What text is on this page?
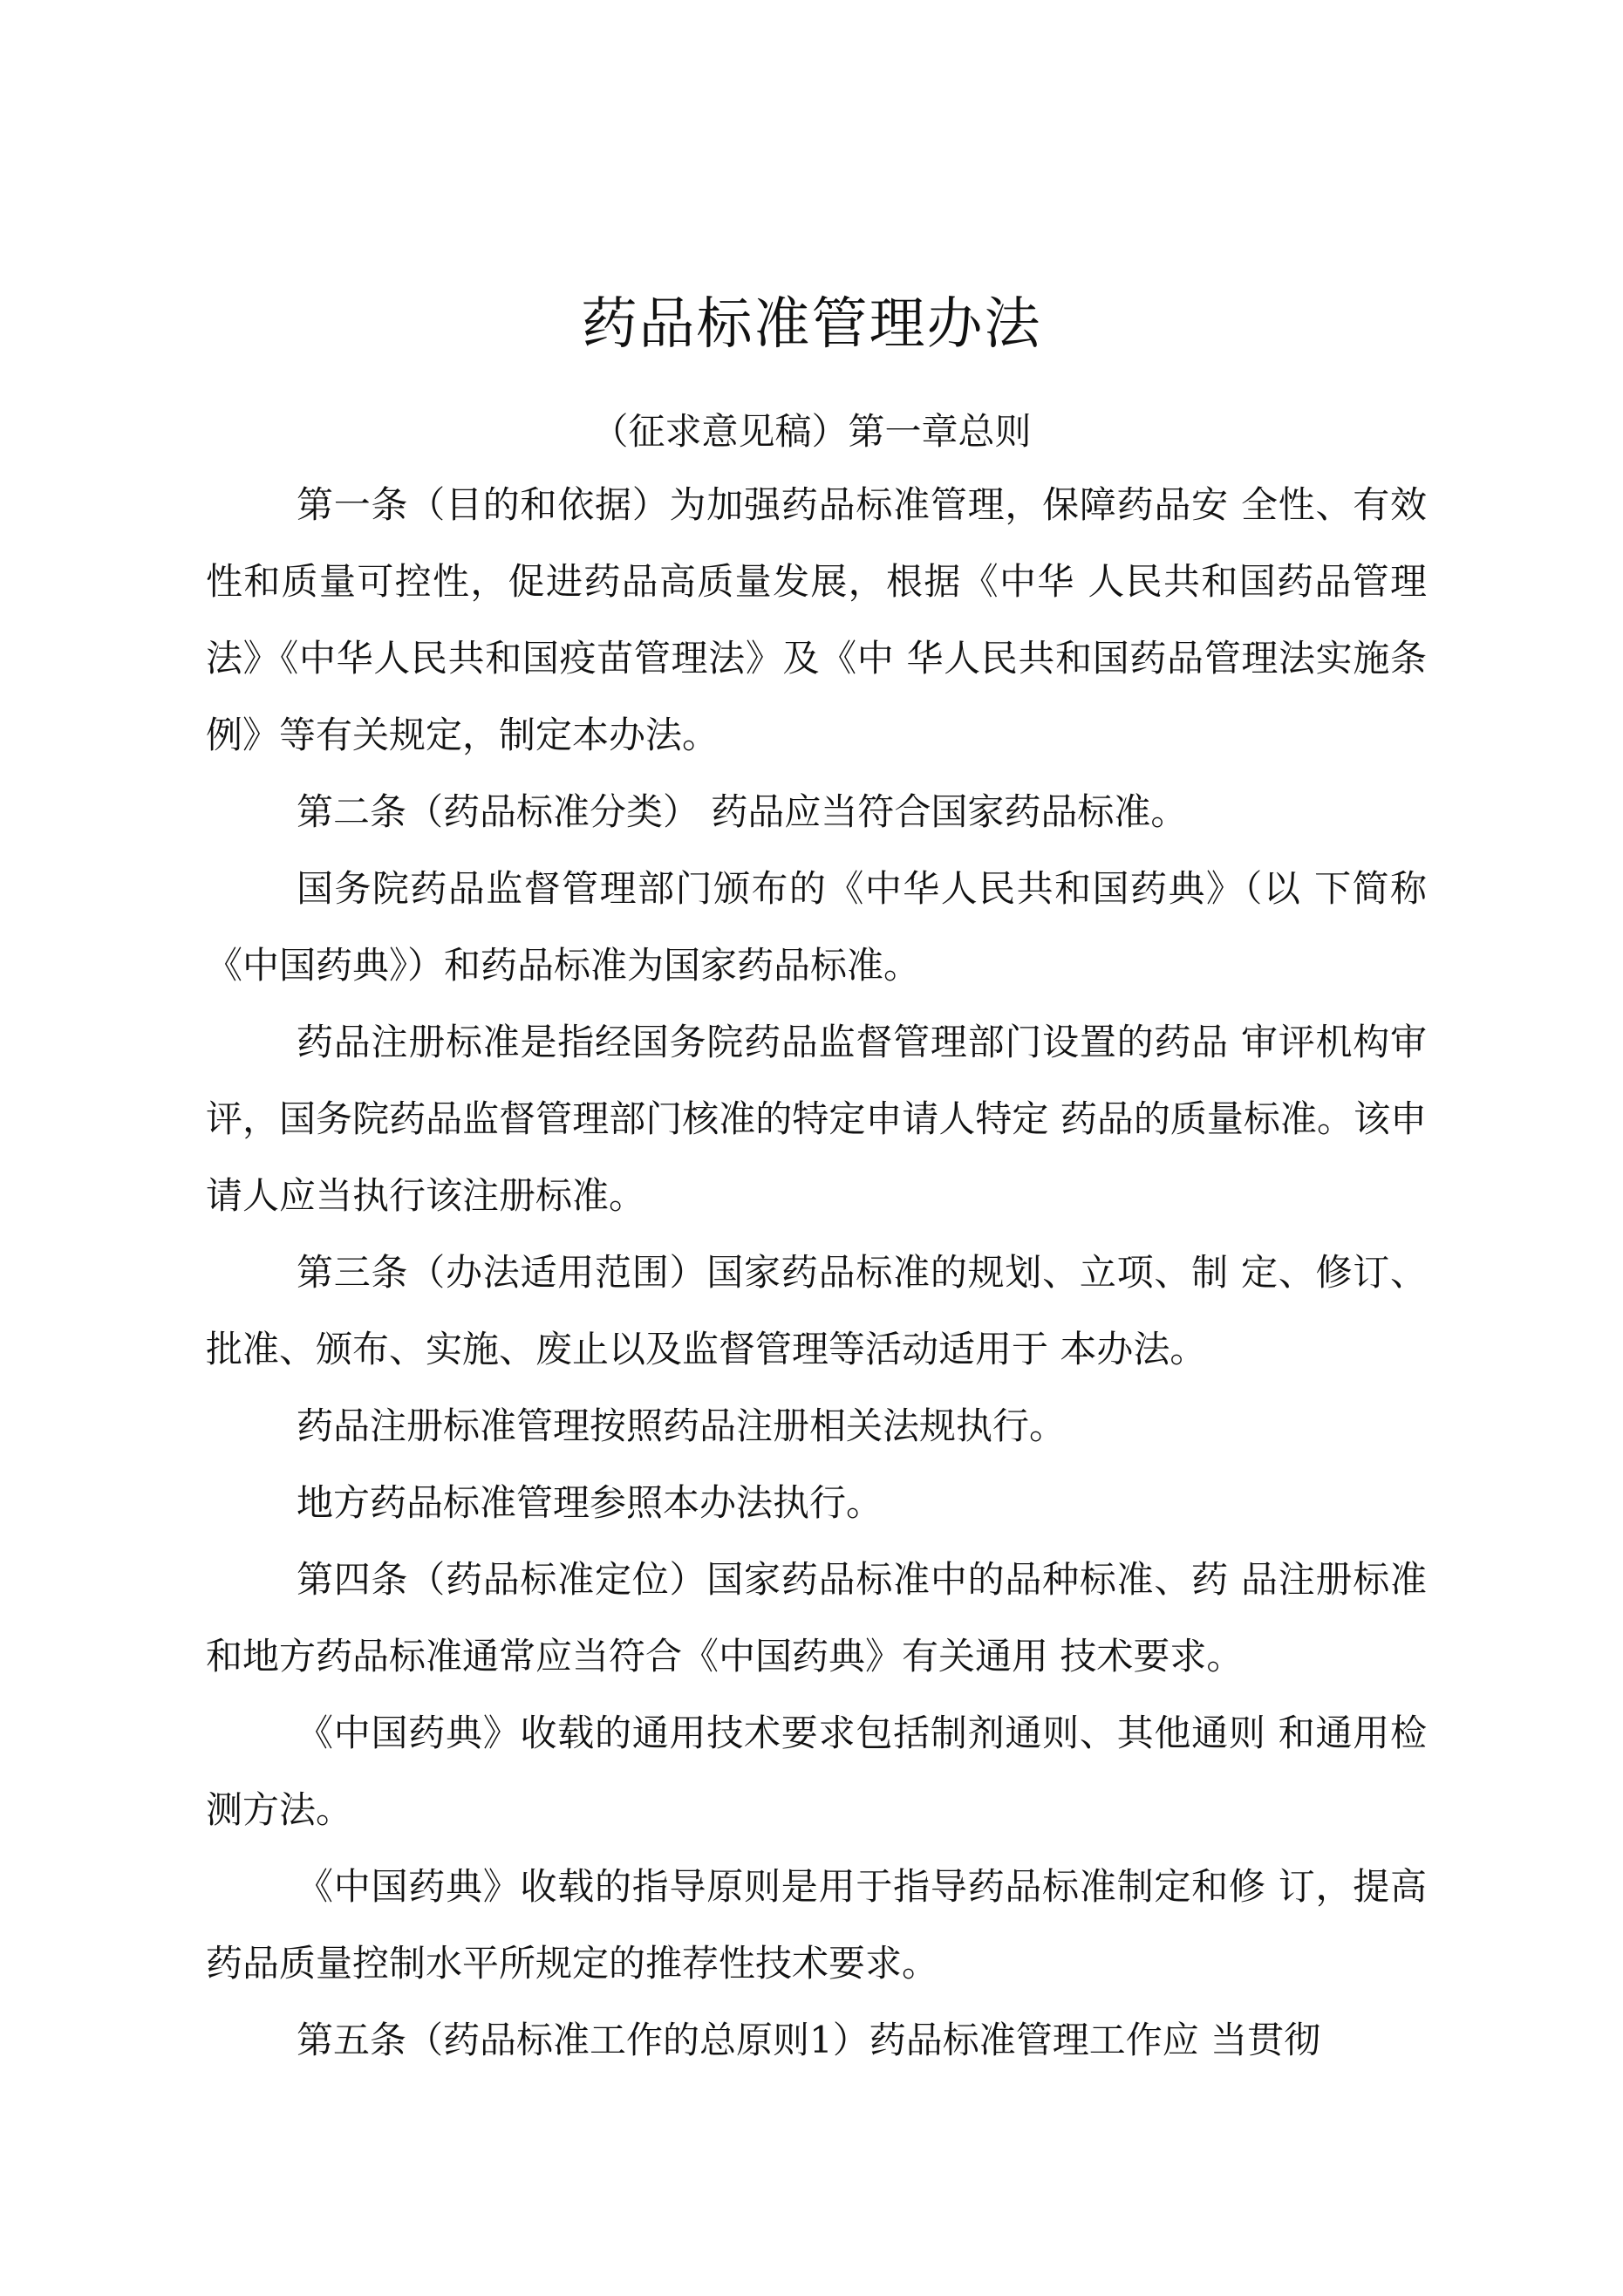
药品标准管理办法
（征求意见稿）第一章总则

第一条（目的和依据）为加强药品标准管理，保障药品安 全性、有效性和质量可控性，促进药品高质量发展，根据《中华 人民共和国药品管理法》《中华人民共和国疫苗管理法》及《中 华人民共和国药品管理法实施条例》等有关规定，制定本办法。

第二条（药品标准分类） 药品应当符合国家药品标准。

国务院药品监督管理部门颁布的《中华人民共和国药典》（以 下简称《中国药典》）和药品标准为国家药品标准。

药品注册标准是指经国务院药品监督管理部门设置的药品 审评机构审评，国务院药品监督管理部门核准的特定申请人特定 药品的质量标准。该申请人应当执行该注册标准。

第三条（办法适用范围）国家药品标准的规划、立项、制 定、修订、批准、颁布、实施、废止以及监督管理等活动适用于 本办法。

药品注册标准管理按照药品注册相关法规执行。

地方药品标准管理参照本办法执行。

第四条（药品标准定位）国家药品标准中的品种标准、药 品注册标准和地方药品标准通常应当符合《中国药典》有关通用 技术要求。

《中国药典》收载的通用技术要求包括制剂通则、其他通则 和通用检测方法。

《中国药典》收载的指导原则是用于指导药品标准制定和修 订，提高药品质量控制水平所规定的推荐性技术要求。

第五条（药品标准工作的总原则1）药品标准管理工作应 当贯彻
